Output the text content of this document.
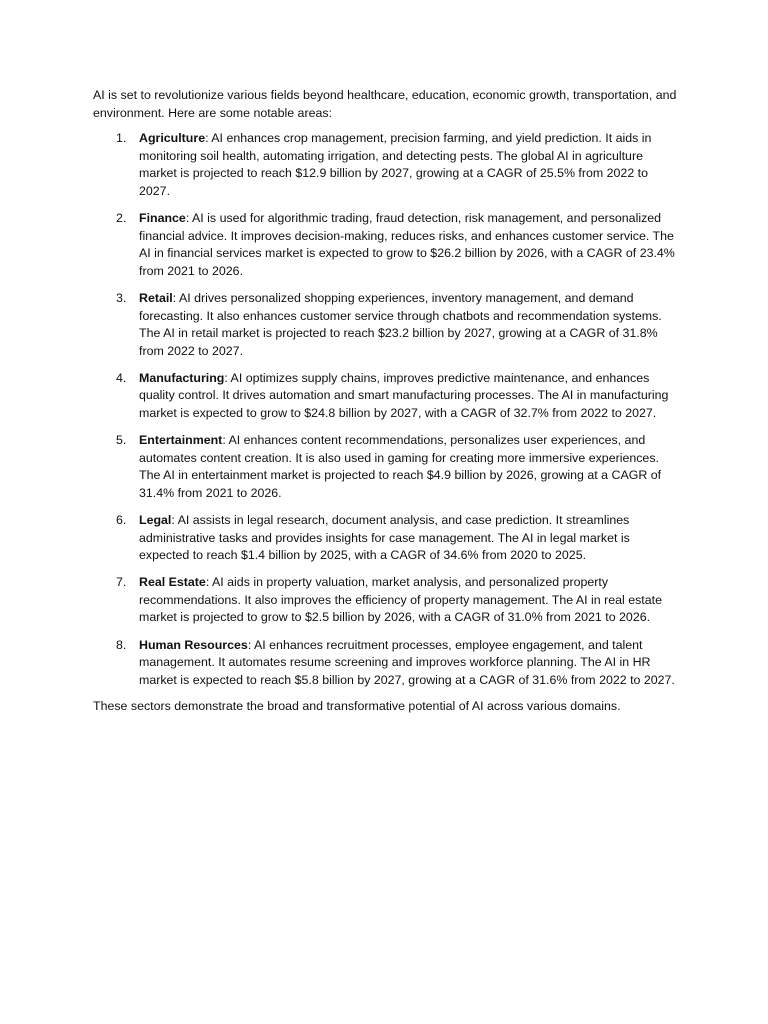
AI is set to revolutionize various fields beyond healthcare, education, economic growth, transportation, and environment. Here are some notable areas:

1. Agriculture: AI enhances crop management, precision farming, and yield prediction. It aids in monitoring soil health, automating irrigation, and detecting pests. The global AI in agriculture market is projected to reach $12.9 billion by 2027, growing at a CAGR of 25.5% from 2022 to 2027.
2. Finance: AI is used for algorithmic trading, fraud detection, risk management, and personalized financial advice. It improves decision-making, reduces risks, and enhances customer service. The AI in financial services market is expected to grow to $26.2 billion by 2026, with a CAGR of 23.4% from 2021 to 2026.
3. Retail: AI drives personalized shopping experiences, inventory management, and demand forecasting. It also enhances customer service through chatbots and recommendation systems. The AI in retail market is projected to reach $23.2 billion by 2027, growing at a CAGR of 31.8% from 2022 to 2027.
4. Manufacturing: AI optimizes supply chains, improves predictive maintenance, and enhances quality control. It drives automation and smart manufacturing processes. The AI in manufacturing market is expected to grow to $24.8 billion by 2027, with a CAGR of 32.7% from 2022 to 2027.
5. Entertainment: AI enhances content recommendations, personalizes user experiences, and automates content creation. It is also used in gaming for creating more immersive experiences. The AI in entertainment market is projected to reach $4.9 billion by 2026, growing at a CAGR of 31.4% from 2021 to 2026.
6. Legal: AI assists in legal research, document analysis, and case prediction. It streamlines administrative tasks and provides insights for case management. The AI in legal market is expected to reach $1.4 billion by 2025, with a CAGR of 34.6% from 2020 to 2025.
7. Real Estate: AI aids in property valuation, market analysis, and personalized property recommendations. It also improves the efficiency of property management. The AI in real estate market is projected to grow to $2.5 billion by 2026, with a CAGR of 31.0% from 2021 to 2026.
8. Human Resources: AI enhances recruitment processes, employee engagement, and talent management. It automates resume screening and improves workforce planning. The AI in HR market is expected to reach $5.8 billion by 2027, growing at a CAGR of 31.6% from 2022 to 2027.

These sectors demonstrate the broad and transformative potential of AI across various domains.
